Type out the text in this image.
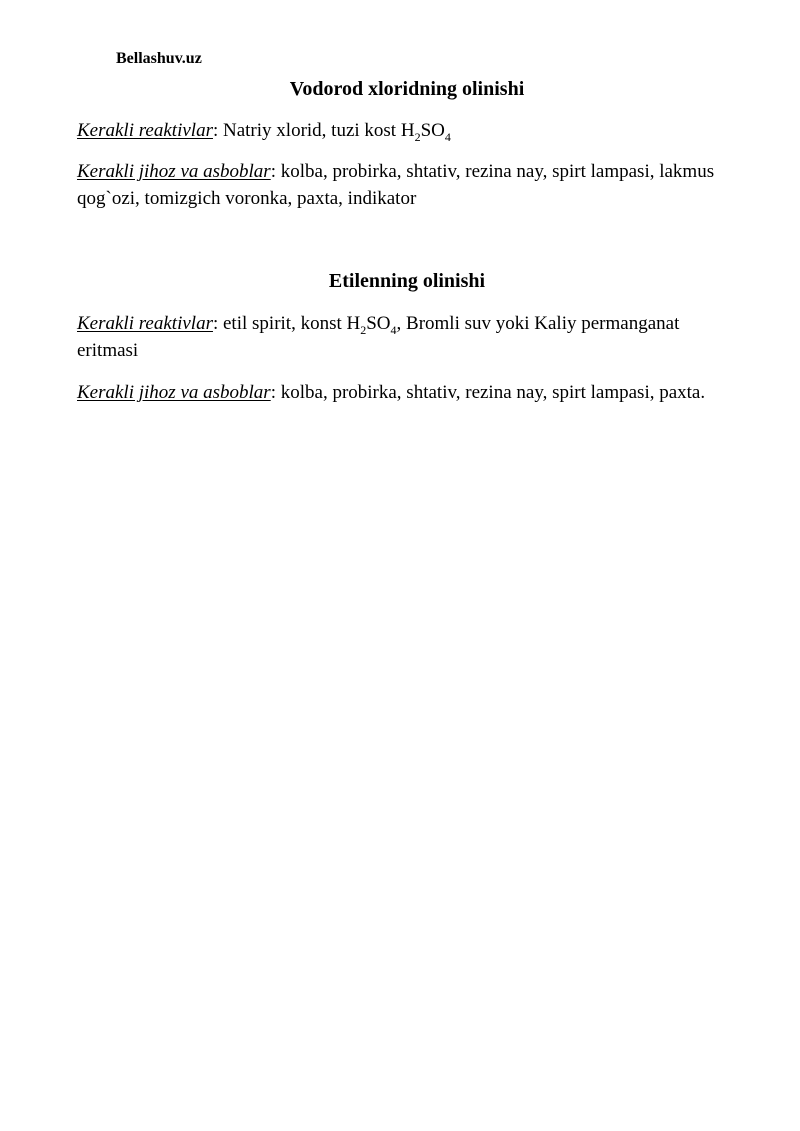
Bellashuv.uz

Vodorod xloridning olinishi

Kerakli reaktivlar: Natriy xlorid, tuzi kost $H_2SO_4$

Kerakli jihoz va asboblar: kolba, probirka, shtativ, rezina nay, spirt lampasi, lakmus qog`ozi, tomizgich voronka, paxta, indikator

Etilenning olinishi

Kerakli reaktivlar: etil spirit, konst $H_2SO_4$, Bromli suv yoki Kaliy permanganat eritmasi

Kerakli jihoz va asboblar: kolba, probirka, shtativ, rezina nay, spirt lampasi, paxta.
